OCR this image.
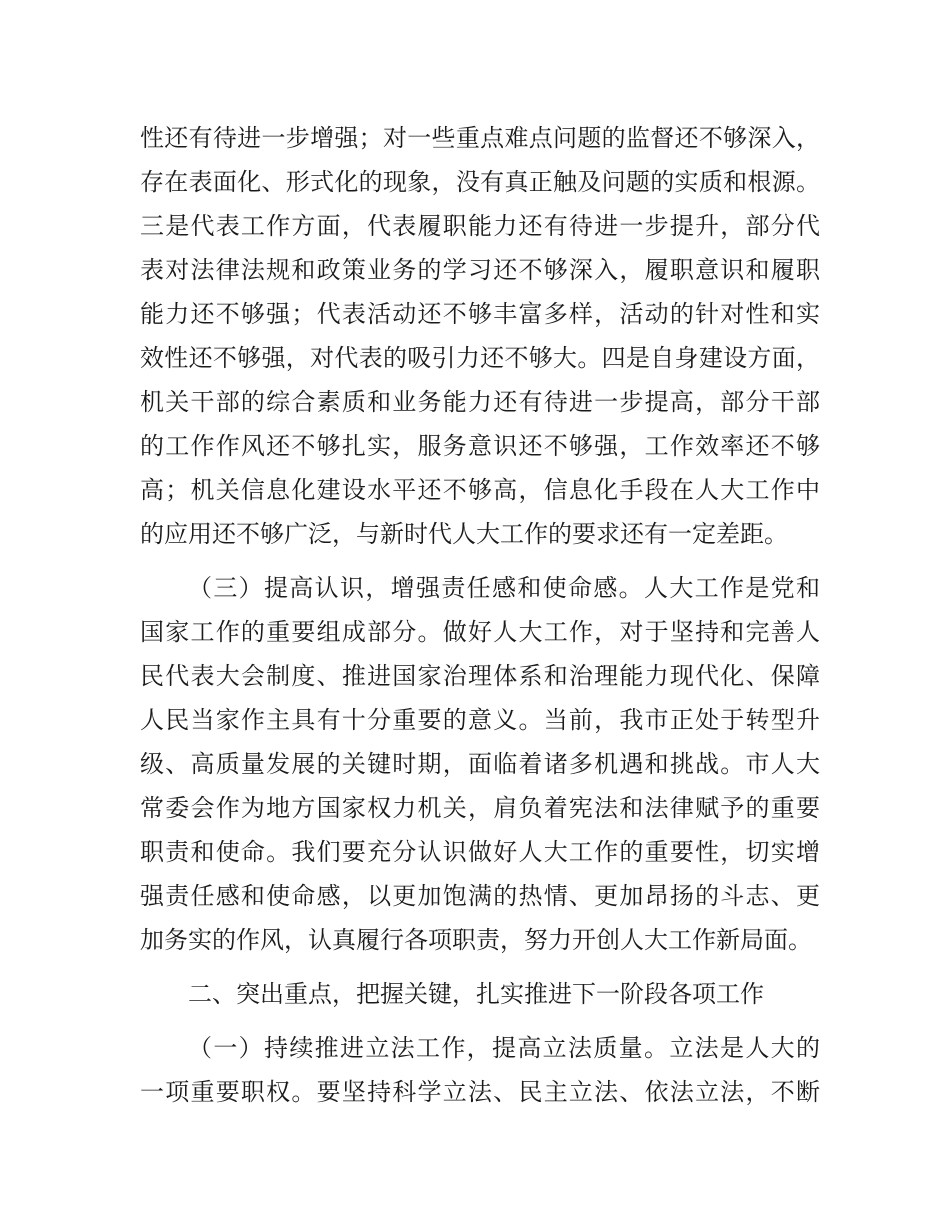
性还有待进一步增强；对一些重点难点问题的监督还不够深入，
存在表面化、形式化的现象，没有真正触及问题的实质和根源。
三是代表工作方面，代表履职能力还有待进一步提升，部分代
表对法律法规和政策业务的学习还不够深入，履职意识和履职
能力还不够强；代表活动还不够丰富多样，活动的针对性和实
效性还不够强，对代表的吸引力还不够大。四是自身建设方面，
机关干部的综合素质和业务能力还有待进一步提高，部分干部
的工作作风还不够扎实，服务意识还不够强，工作效率还不够
高；机关信息化建设水平还不够高，信息化手段在人大工作中
的应用还不够广泛，与新时代人大工作的要求还有一定差距。
（三）提高认识，增强责任感和使命感。人大工作是党和
国家工作的重要组成部分。做好人大工作，对于坚持和完善人
民代表大会制度、推进国家治理体系和治理能力现代化、保障
人民当家作主具有十分重要的意义。当前，我市正处于转型升
级、高质量发展的关键时期，面临着诸多机遇和挑战。市人大
常委会作为地方国家权力机关，肩负着宪法和法律赋予的重要
职责和使命。我们要充分认识做好人大工作的重要性，切实增
强责任感和使命感，以更加饱满的热情、更加昂扬的斗志、更
加务实的作风，认真履行各项职责，努力开创人大工作新局面。
二、突出重点，把握关键，扎实推进下一阶段各项工作
（一）持续推进立法工作，提高立法质量。立法是人大的
一项重要职权。要坚持科学立法、民主立法、依法立法，不断
